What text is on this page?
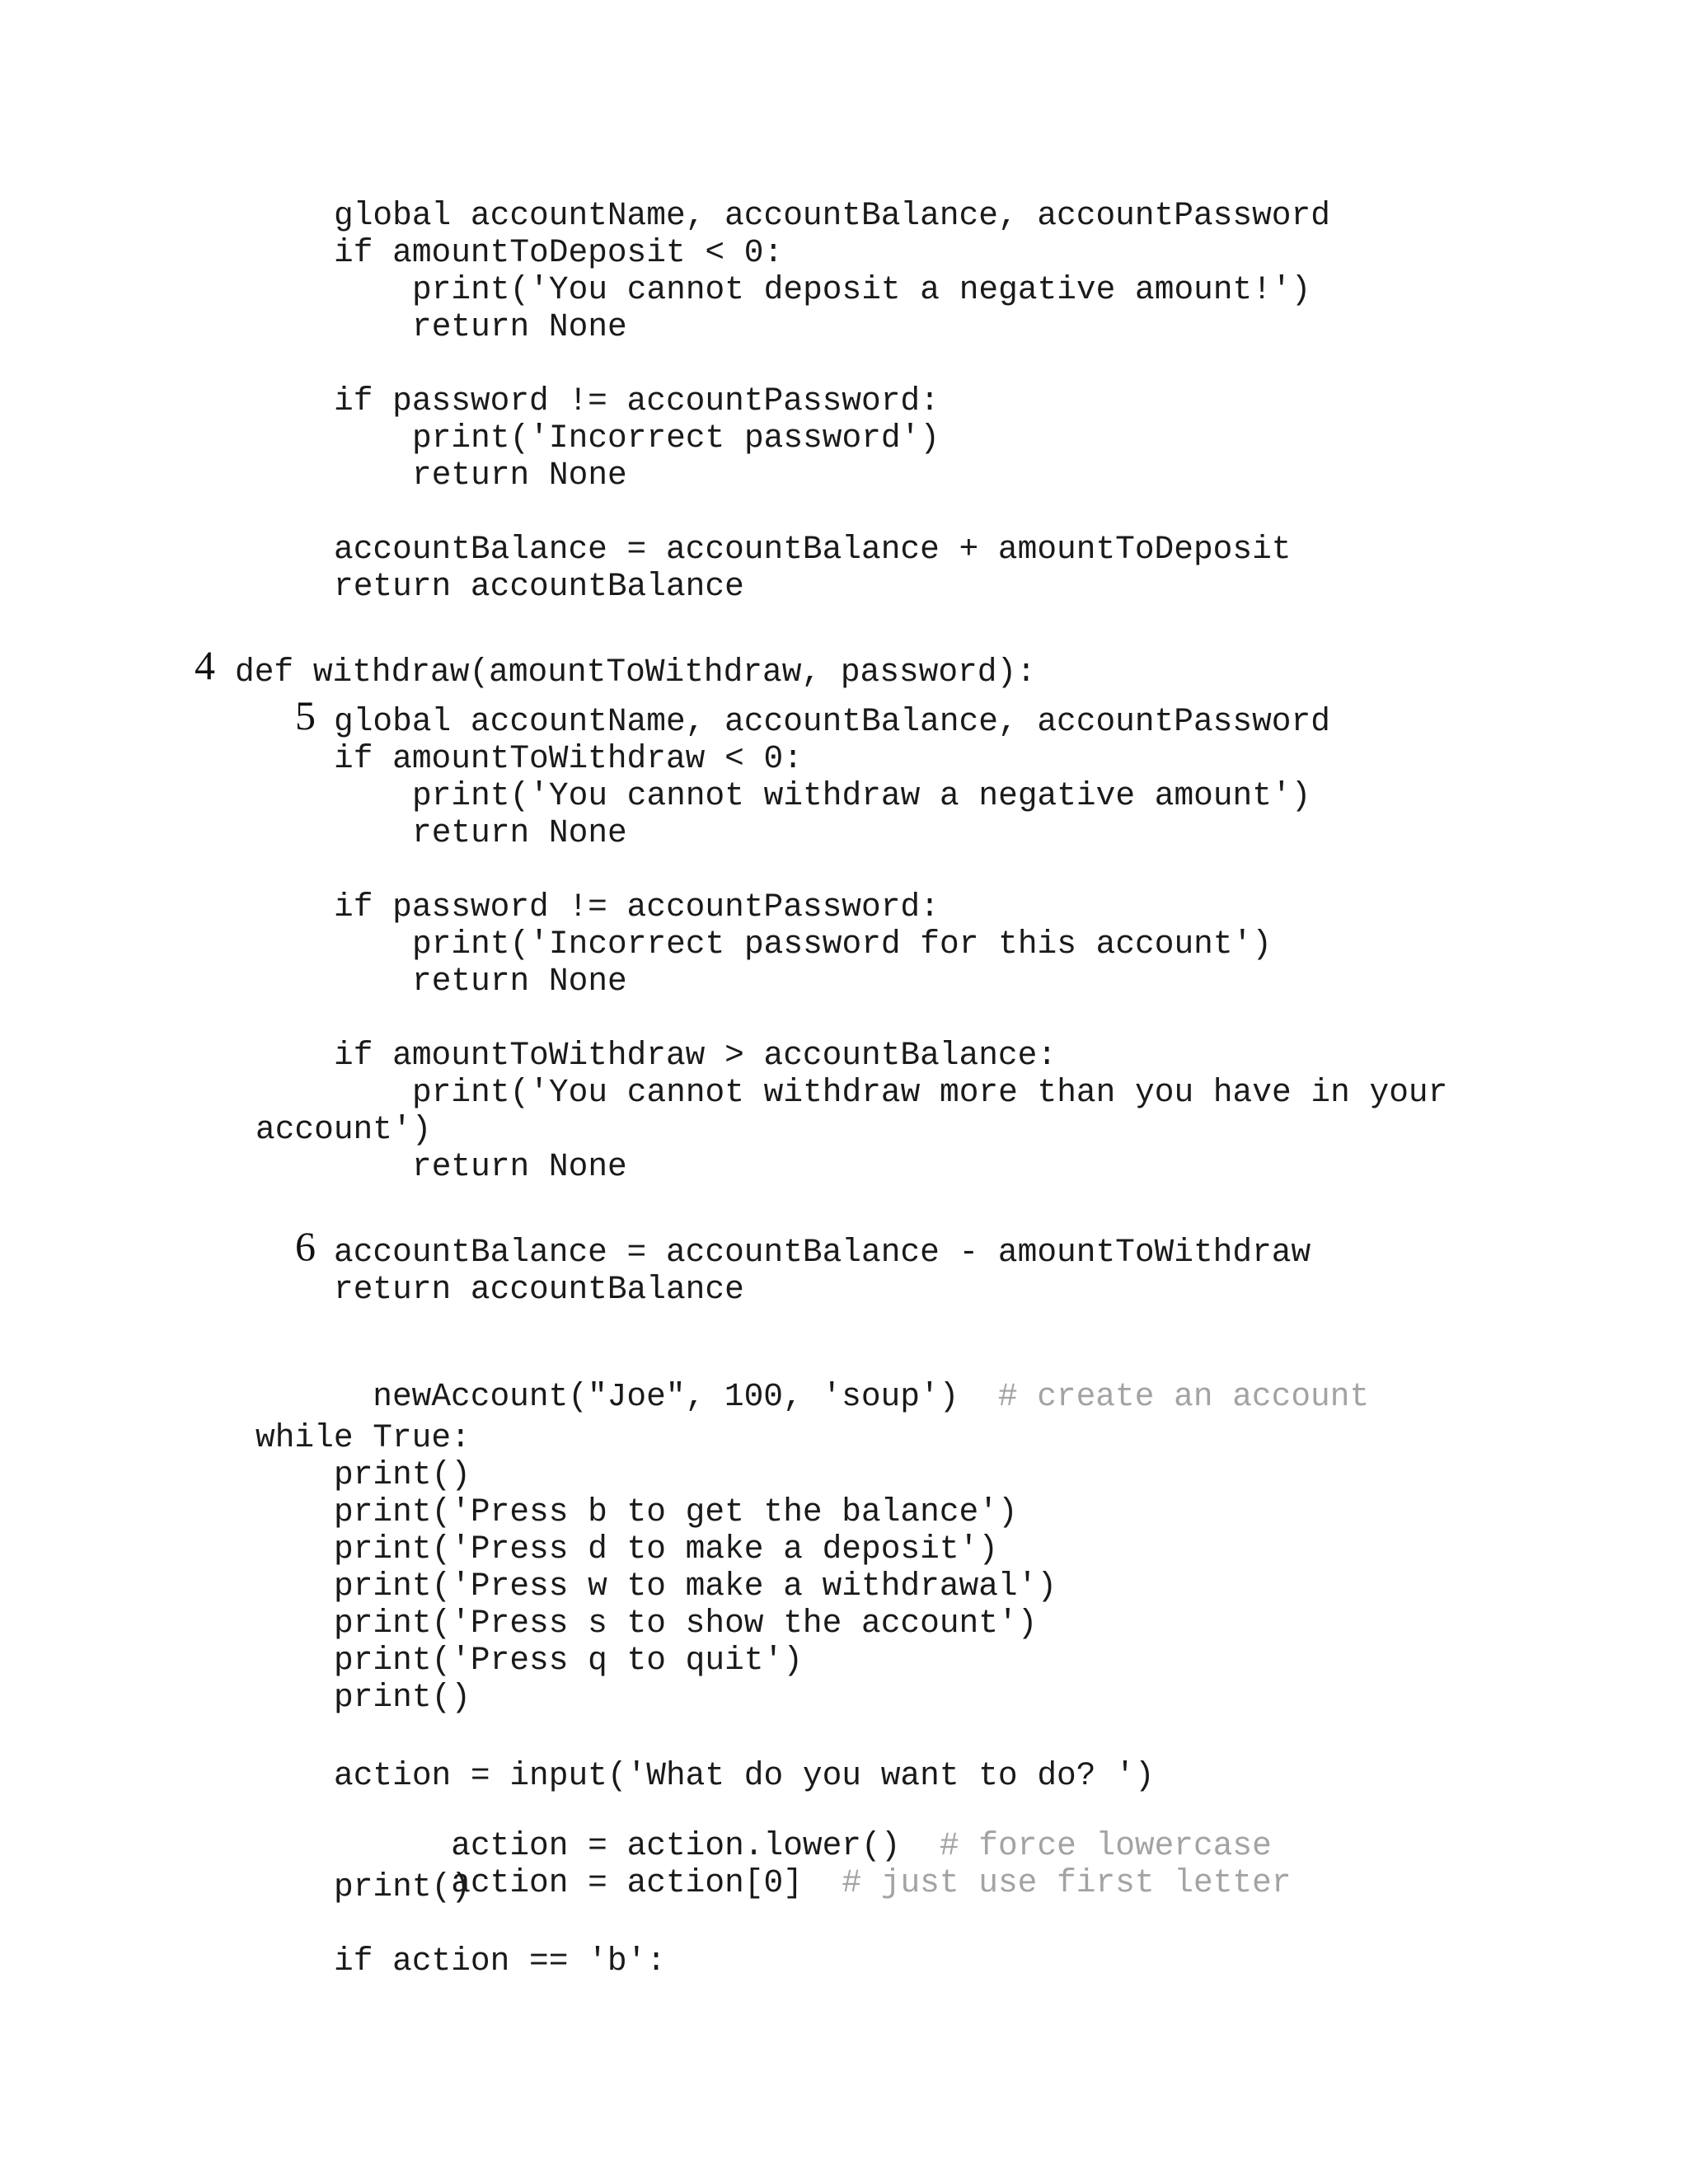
global accountName, accountBalance, accountPassword
if amountToDeposit < 0:
print('You cannot deposit a negative amount!')
return None
if password != accountPassword:
print('Incorrect password')
return None
accountBalance = accountBalance + amountToDeposit
return accountBalance
4 def withdraw(amountToWithdraw, password):
5 global accountName, accountBalance, accountPassword
if amountToWithdraw < 0:
print('You cannot withdraw a negative amount')
return None
if password != accountPassword:
print('Incorrect password for this account')
return None
if amountToWithdraw > accountBalance:
print('You cannot withdraw more than you have in your
account')
return None
6 accountBalance = accountBalance - amountToWithdraw
return accountBalance

newAccount("Joe", 100, 'soup') # create an account

while True:
print()
print('Press b to get the balance')
print('Press d to make a deposit')
print('Press w to make a withdrawal')
print('Press s to show the account')
print('Press q to quit')
print()
action = input('What do you want to do? ')

action = action.lower() # force lowercase

action = action[0] # just use first letter

print()
if action == 'b':
